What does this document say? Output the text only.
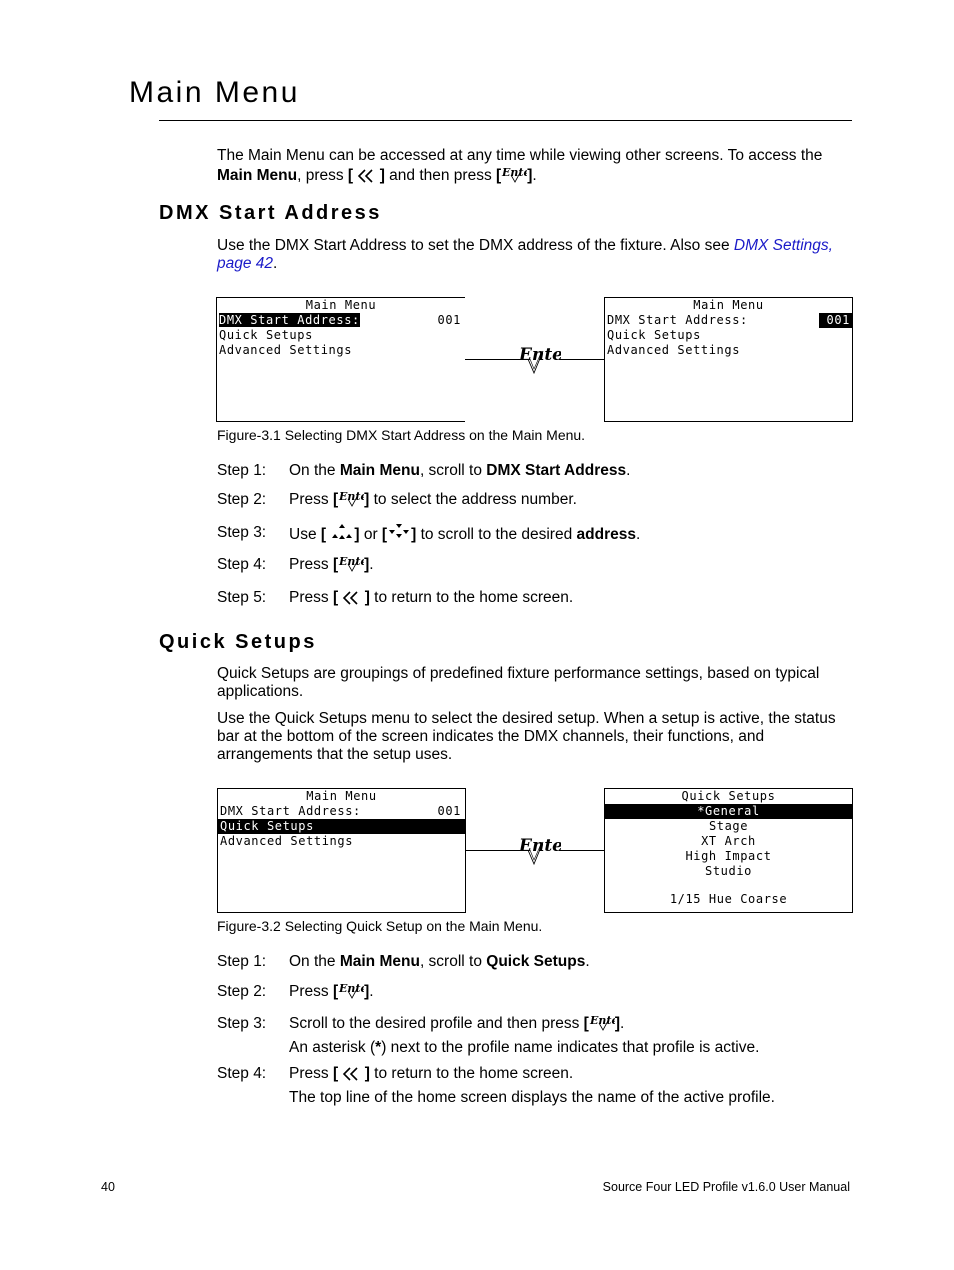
Main Menu

The Main Menu can be accessed at any time while viewing other screens. To access the
Main Menu, press [  ] and then press [ Ent ].

DMX Start Address

Use the DMX Start Address to set the DMX address of the fixture. Also see DMX Settings,
page 42.

Main Menu
DMX Start Address:	001
Quick Setups
Advanced Settings	Ent
Main Menu
DMX Start Address:	001
Quick Setups
Advanced Settings
Figure-3.1 Selecting DMX Start Address on the Main Menu.
Step 1: On the Main Menu, scroll to DMX Start Address.
Step 2: Press [ Ent ] to select the address number.
Step 3: Use [ ] or [ ] to scroll to the desired address.
Step 4: Press [ Ent ].
Step 5: Press [  ] to return to the home screen.
Quick Setups

Quick Setups are groupings of predefined fixture performance settings, based on typical applications.

Use the Quick Setups menu to select the desired setup. When a setup is active, the status bar at the bottom of the screen indicates the DMX channels, their functions, and arrangements that the setup uses.

Main Menu
DMX Start Address:	001
Quick Setups
Advanced Settings	Ent
Quick Setups
*General
Stage
XT Arch
High Impact
Studio
1/15 Hue Coarse
Figure-3.2 Selecting Quick Setup on the Main Menu.
Step 1: On the Main Menu, scroll to Quick Setups.
Step 2: Press [ Ent ].
Step 3: Scroll to the desired profile and then press [ Ent ].
An asterisk (*) next to the profile name indicates that profile is active.
Step 4: Press [  ] to return to the home screen.
The top line of the home screen displays the name of the active profile.
40	Source Four LED Profile v1.6.0 User Manual
